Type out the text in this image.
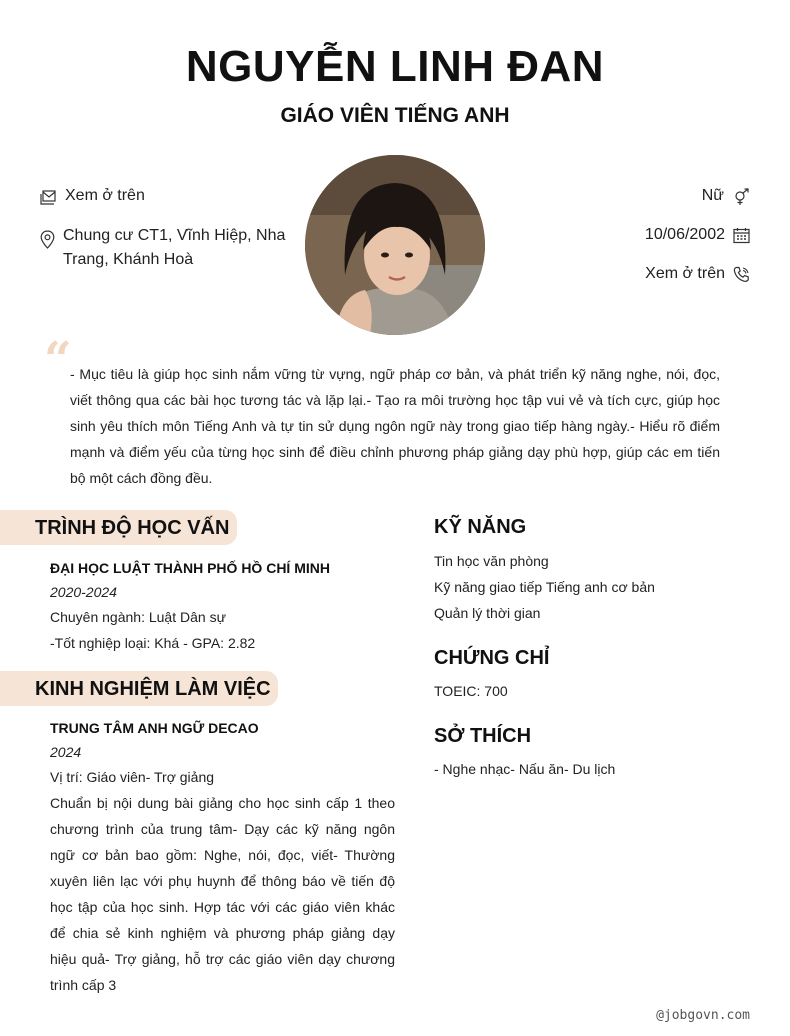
NGUYỄN LINH ĐAN
GIÁO VIÊN TIẾNG ANH
Xem ở trên
Chung cư CT1, Vĩnh Hiệp, Nha Trang, Khánh Hoà
Nữ
10/06/2002
Xem ở trên
“
- Mục tiêu là giúp học sinh nắm vững từ vựng, ngữ pháp cơ bản, và phát triển kỹ năng nghe, nói, đọc, viết thông qua các bài học tương tác và lặp lại.- Tạo ra môi trường học tập vui vẻ và tích cực, giúp học sinh yêu thích môn Tiếng Anh và tự tin sử dụng ngôn ngữ này trong giao tiếp hàng ngày.- Hiểu rõ điểm mạnh và điểm yếu của từng học sinh để điều chỉnh phương pháp giảng dạy phù hợp, giúp các em tiến bộ một cách đồng đều.
TRÌNH ĐỘ HỌC VẤN
ĐẠI HỌC LUẬT THÀNH PHỐ HỒ CHÍ MINH
2020-2024
Chuyên ngành: Luật Dân sự
-Tốt nghiệp loại: Khá - GPA: 2.82
KINH NGHIỆM LÀM VIỆC
TRUNG TÂM ANH NGỮ DECAO
2024
Vị trí: Giáo viên- Trợ giảng
Chuẩn bị nội dung bài giảng cho học sinh cấp 1 theo chương trình của trung tâm- Dạy các kỹ năng ngôn ngữ cơ bản bao gồm: Nghe, nói, đọc, viết- Thường xuyên liên lạc với phụ huynh để thông báo về tiến độ học tập của học sinh. Hợp tác với các giáo viên khác để chia sẻ kinh nghiệm và phương pháp giảng dạy hiệu quả- Trợ giảng, hỗ trợ các giáo viên dạy chương trình cấp 3
KỸ NĂNG
Tin học văn phòng
Kỹ năng giao tiếp Tiếng anh cơ bản
Quản lý thời gian
CHỨNG CHỈ
TOEIC: 700
SỞ THÍCH
- Nghe nhạc- Nấu ăn- Du lịch
@jobgovn.com
